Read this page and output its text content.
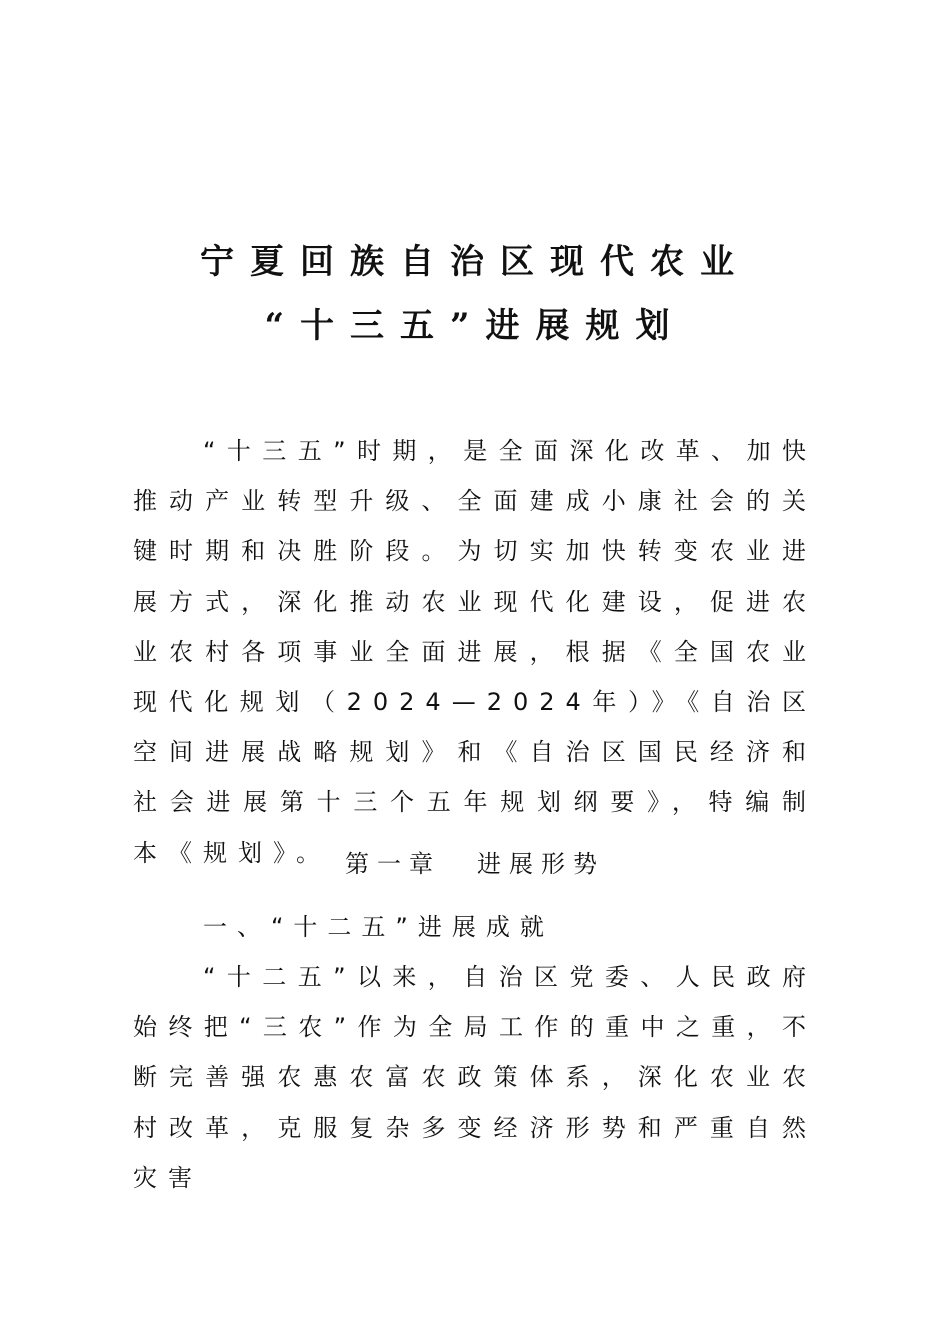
宁夏回族自治区现代农业
“十三五”进展规划

“十三五”时期，是全面深化改革、加快推动产业转型升级、全面建成小康社会的关键时期和决胜阶段。为切实加快转变农业进展方式，深化推动农业现代化建设，促进农业农村各项事业全面进展，根据《全国农业现代化规划（2024—2024年）》《自治区空间进展战略规划》和《自治区国民经济和社会进展第十三个五年规划纲要》，特编制本《规划》。 第一章 进展形势
一、“十二五”进展成就

“十二五”以来，自治区党委、人民政府始终把“三农”作为全局工作的重中之重，不断完善强农惠农富农政策体系，深化农业农村改革，克服复杂多变经济形势和严重自然灾害
